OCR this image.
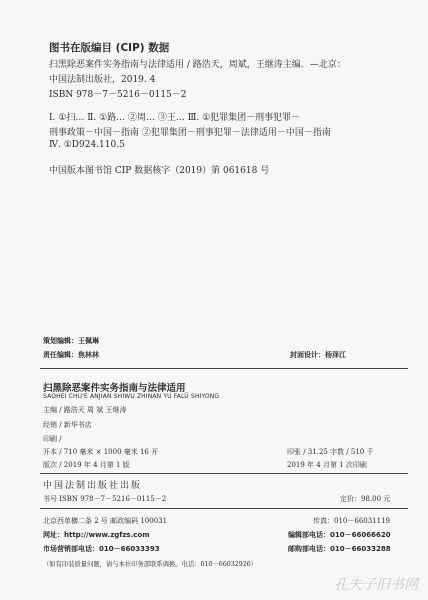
图书在版编目 (CIP) 数据
扫黑除恶案件实务指南与法律适用 / 路浩天，周斌，王继涛主编．—北京：
中国法制出版社，2019. 4
ISBN 978－7－5216－0115－2
Ⅰ. ①扫… Ⅱ. ①路… ②周… ③王… Ⅲ. ①犯罪集团－刑事犯罪－
刑事政策－中国－指南 ②犯罪集团－刑事犯罪－法律适用－中国－指南
Ⅳ. ①D924.110.5
中国版本图书馆 CIP 数据核字（2019）第 061618 号
策划编辑：王佩琳
责任编辑：焦林林	封面设计：杨泽江
扫黑除恶案件实务指南与法律适用
SAOHEI CHU'E ANJIAN SHIWU ZHINAN YU FALÜ SHIYONG
主编 / 路浩天 周 斌 王继涛
经销 / 新华书店
印刷 /
开本 / 710 毫米 × 1000 毫米 16 开	印张 / 31.25 字数 / 510 千
版次 / 2019 年 4 月第 1 版	2019 年 4 月第 1 次印刷
中国法制出版社出版
书号 ISBN 978－7－5216－0115－2	定价：98.00 元
北京西单横二条 2 号 邮政编码 100031	传真：010－66031119
网址：http://www.zgfzs.com	编辑部电话：010－66066620
市场营销部电话：010－66033393	邮购部电话：010－66033288
（如有印装质量问题，请与本社印务部联系调换。电话：010－66032926）
孔夫子旧书网
